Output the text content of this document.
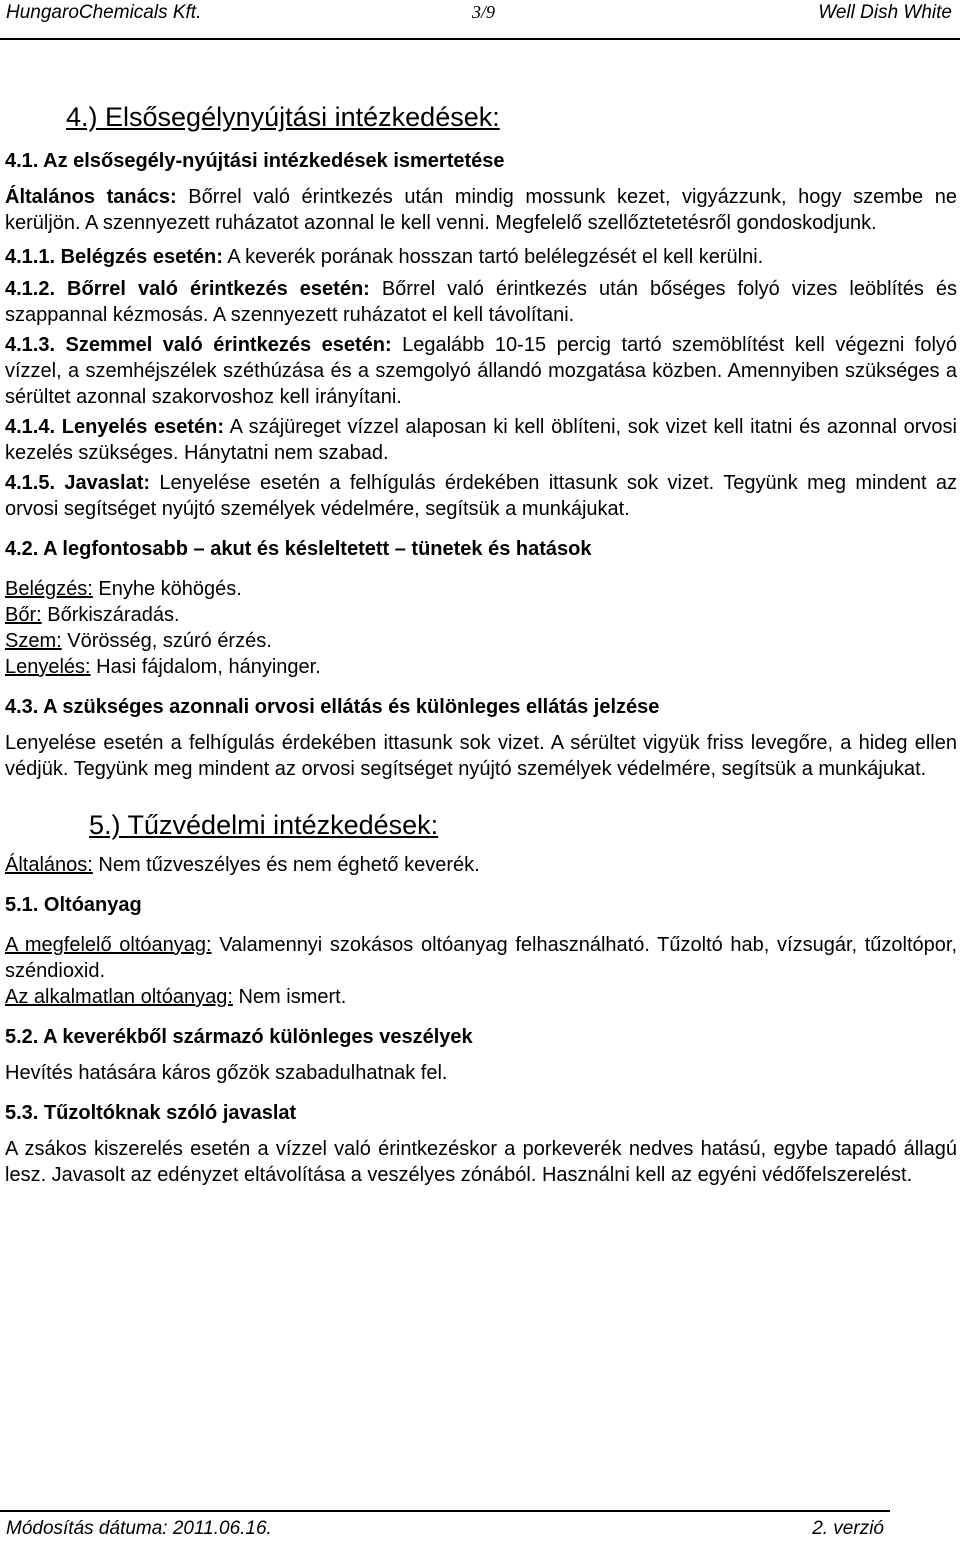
HungaroChemicals Kft.	3/9	Well Dish White
4.) Elsősegélynyújtási intézkedések:

4.1. Az elsősegély-nyújtási intézkedések ismertetése

Általános tanács: Bőrrel való érintkezés után mindig mossunk kezet, vigyázzunk, hogy szembe ne kerüljön. A szennyezett ruházatot azonnal le kell venni. Megfelelő szellőztetetésről gondoskodjunk.

4.1.1. Belégzés esetén: A keverék porának hosszan tartó belélegzését el kell kerülni.

4.1.2. Bőrrel való érintkezés esetén: Bőrrel való érintkezés után bőséges folyó vizes leöblítés és szappannal kézmosás. A szennyezett ruházatot el kell távolítani.

4.1.3. Szemmel való érintkezés esetén: Legalább 10-15 percig tartó szemöblítést kell végezni folyó vízzel, a szemhéjszélek széthúzása és a szemgolyó állandó mozgatása közben. Amennyiben szükséges a sérültet azonnal szakorvoshoz kell irányítani.

4.1.4. Lenyelés esetén: A szájüreget vízzel alaposan ki kell öblíteni, sok vizet kell itatni és azonnal orvosi kezelés szükséges. Hánytatni nem szabad.

4.1.5. Javaslat: Lenyelése esetén a felhígulás érdekében ittasunk sok vizet. Tegyünk meg mindent az orvosi segítséget nyújtó személyek védelmére, segítsük a munkájukat.

4.2. A legfontosabb – akut és késleltetett – tünetek és hatások

Belégzés: Enyhe köhögés.

Bőr: Bőrkiszáradás.

Szem: Vörösség, szúró érzés.

Lenyelés: Hasi fájdalom, hányinger.

4.3. A szükséges azonnali orvosi ellátás és különleges ellátás jelzése

Lenyelése esetén a felhígulás érdekében ittasunk sok vizet. A sérültet vigyük friss levegőre, a hideg ellen védjük. Tegyünk meg mindent az orvosi segítséget nyújtó személyek védelmére, segítsük a munkájukat.

5.) Tűzvédelmi intézkedések:

Általános: Nem tűzveszélyes és nem éghető keverék.

5.1. Oltóanyag

A megfelelő oltóanyag: Valamennyi szokásos oltóanyag felhasználható. Tűzoltó hab, vízsugár, tűzoltópor, széndioxid.

Az alkalmatlan oltóanyag: Nem ismert.

5.2. A keverékből származó különleges veszélyek

Hevítés hatására káros gőzök szabadulhatnak fel.

5.3. Tűzoltóknak szóló javaslat

A zsákos kiszerelés esetén a vízzel való érintkezéskor a porkeverék nedves hatású, egybe tapadó állagú lesz. Javasolt az edényzet eltávolítása a veszélyes zónából. Használni kell az egyéni védőfelszerelést.

Módosítás dátuma: 2011.06.16.	2. verzió
